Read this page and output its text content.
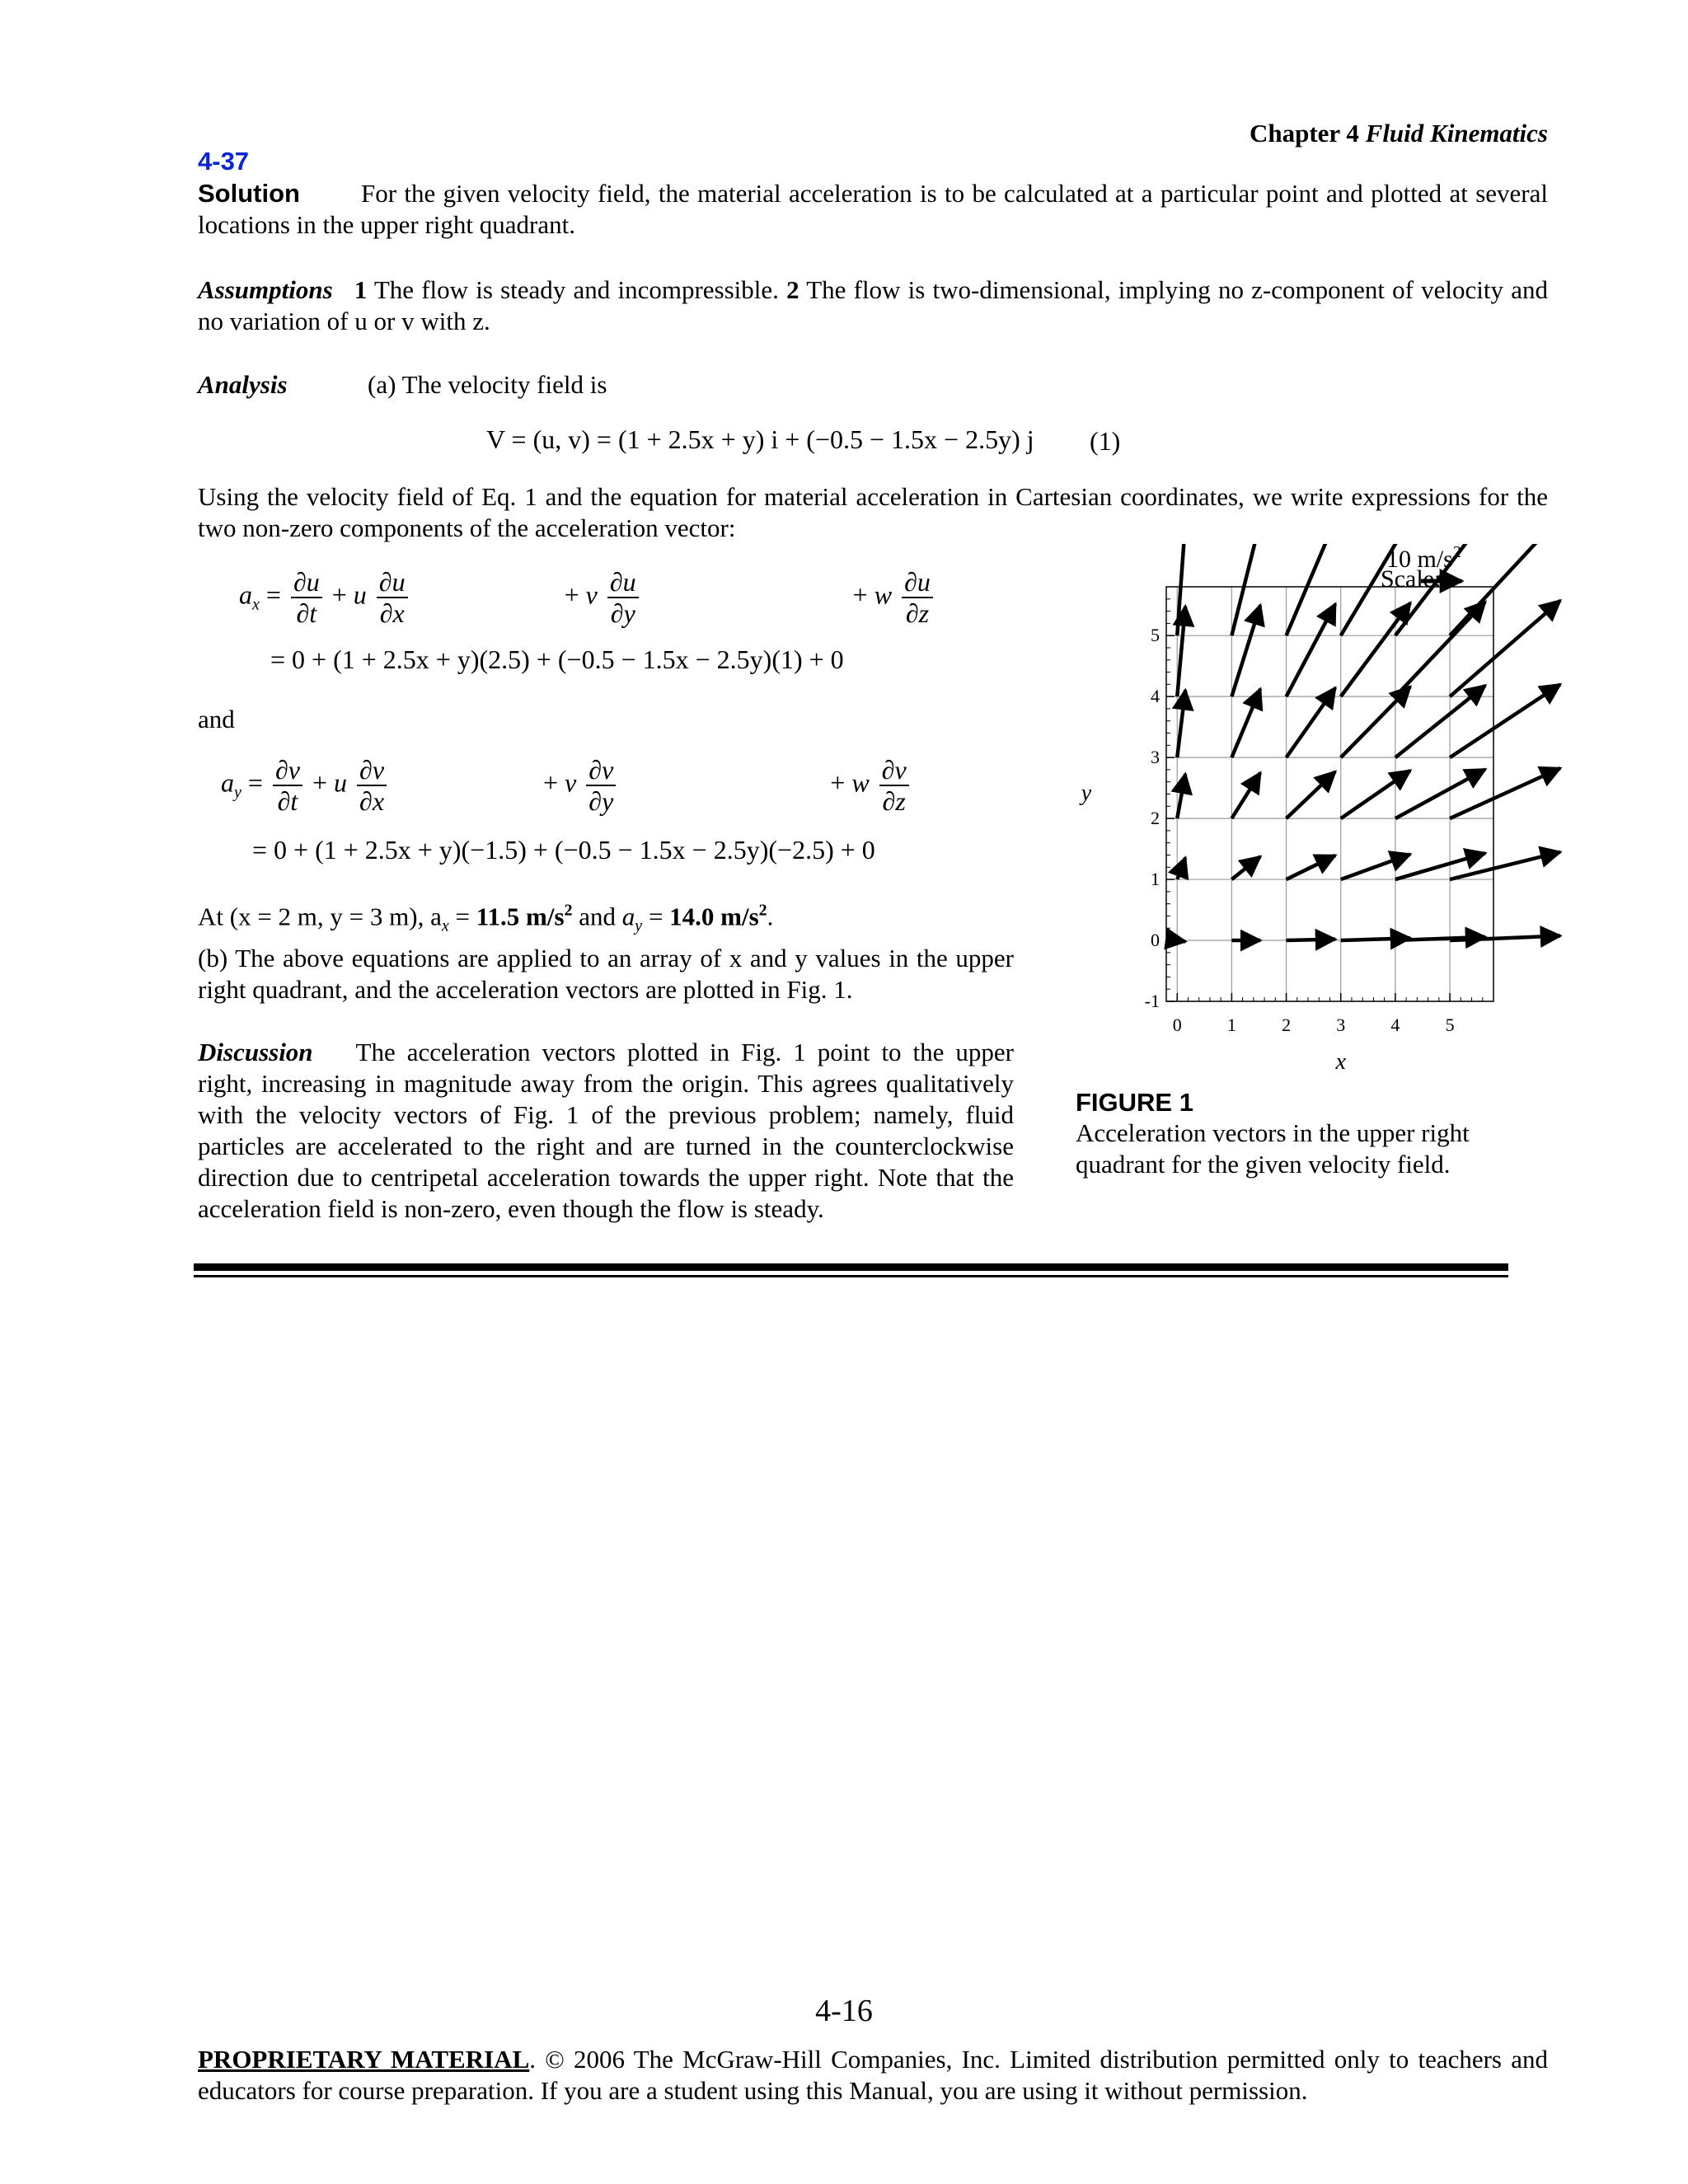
Chapter 4 Fluid Kinematics
4-37
Solution For the given velocity field, the material acceleration is to be calculated at a particular point and plotted at several locations in the upper right quadrant.
Assumptions 1 The flow is steady and incompressible. 2 The flow is two-dimensional, implying no z-component of velocity and no variation of u or v with z.
Analysis	(a) The velocity field is
V = (u, v) = (1 + 2.5x + y) i + (−0.5 − 1.5x − 2.5y) j (1)
Using the velocity field of Eq. 1 and the equation for material acceleration in Cartesian coordinates, we write expressions for the two non-zero components of the acceleration vector:
$a_x = \frac{\partial u}{\partial t} + u \frac{\partial u}{\partial x}$	+ v $\frac{\partial u}{\partial y}$	+ w $\frac{\partial u}{\partial z}$
= 0 + (1 + 2.5x + y)(2.5) + (−0.5 − 1.5x − 2.5y)(1) + 0
and
$a_y = \frac{\partial v}{\partial t} + u \frac{\partial v}{\partial x}$	+ v $\frac{\partial v}{\partial y}$	+ w $\frac{\partial v}{\partial z}$
= 0 + (1 + 2.5x + y)(−1.5) + (−0.5 − 1.5x − 2.5y)(−2.5) + 0
At (x = 2 m, y = 3 m), $a_x = 11.5$ $m/s^2$ and $a_y = 14.0$ $m/s^2$.
(b) The above equations are applied to an array of x and y values in the upper right quadrant, and the acceleration vectors are plotted in Fig. 1.
Discussion The acceleration vectors plotted in Fig. 1 point to the upper right, increasing in magnitude away from the origin. This agrees qualitatively with the velocity vectors of Fig. 1 of the previous problem; namely, fluid particles are accelerated to the right and are turned in the counterclockwise direction due to centripetal acceleration towards the upper right. Note that the acceleration field is non-zero, even though the flow is steady.
-1
0
1
2
3
4
5
0	1	2	3	4	5
y
x
Scale:
10 $m/s^2$
FIGURE 1
Acceleration vectors in the upper right quadrant for the given velocity field.
4-16
PROPRIETARY MATERIAL. © 2006 The McGraw-Hill Companies, Inc. Limited distribution permitted only to teachers and educators for course preparation. If you are a student using this Manual, you are using it without permission.
